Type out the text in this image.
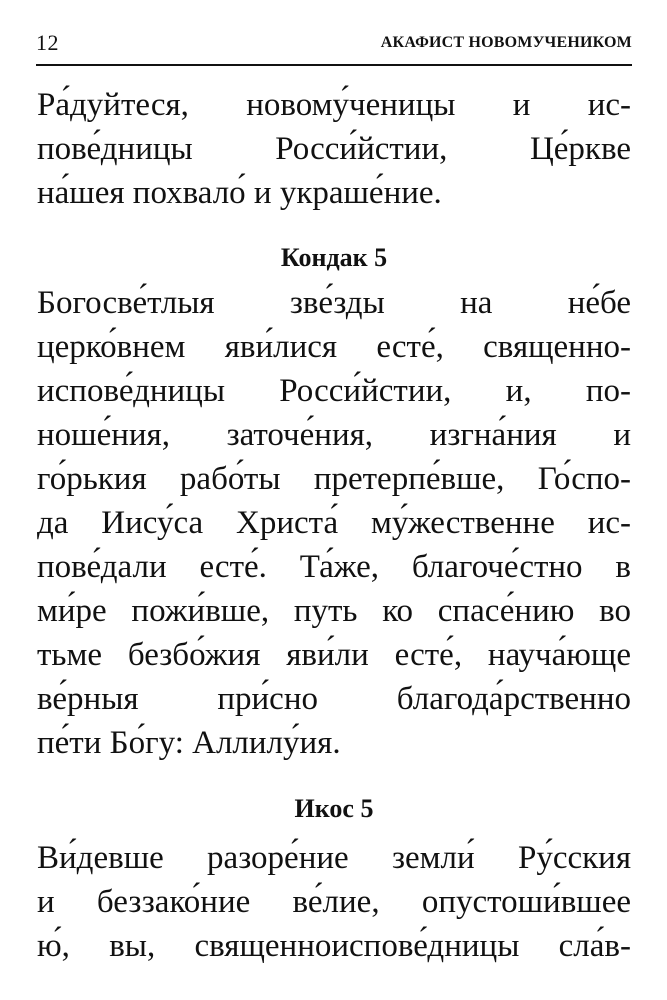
12	АКАФИСТ НОВОМУЧЕНИКОМ
Ра́дуйтеся, новому́ченицы и ис-
пове́дницы Росси́йстии, Це́ркве
на́шея похвало́ и украше́ние.
Кондак 5
Богосве́тлыя зве́зды на не́бе
церко́внем яви́лися есте́, священно-
испове́дницы Росси́йстии, и, по-
ноше́ния, заточе́ния, изгна́ния и
го́рькия рабо́ты претерпе́вше, Го́спо-
да Иису́са Христа́ му́жественне ис-
пове́дали есте́. Та́же, благоче́стно в
ми́ре пожи́вше, путь ко спасе́нию во
тьме безбо́жия яви́ли есте́, науча́юще
ве́рныя при́сно благода́рственно
пе́ти Бо́гу: Аллилу́ия.
Икос 5
Ви́девше разоре́ние земли́ Ру́сския
и беззако́ние ве́лие, опустоши́вшее
ю́, вы, священноиспове́дницы сла́в-
